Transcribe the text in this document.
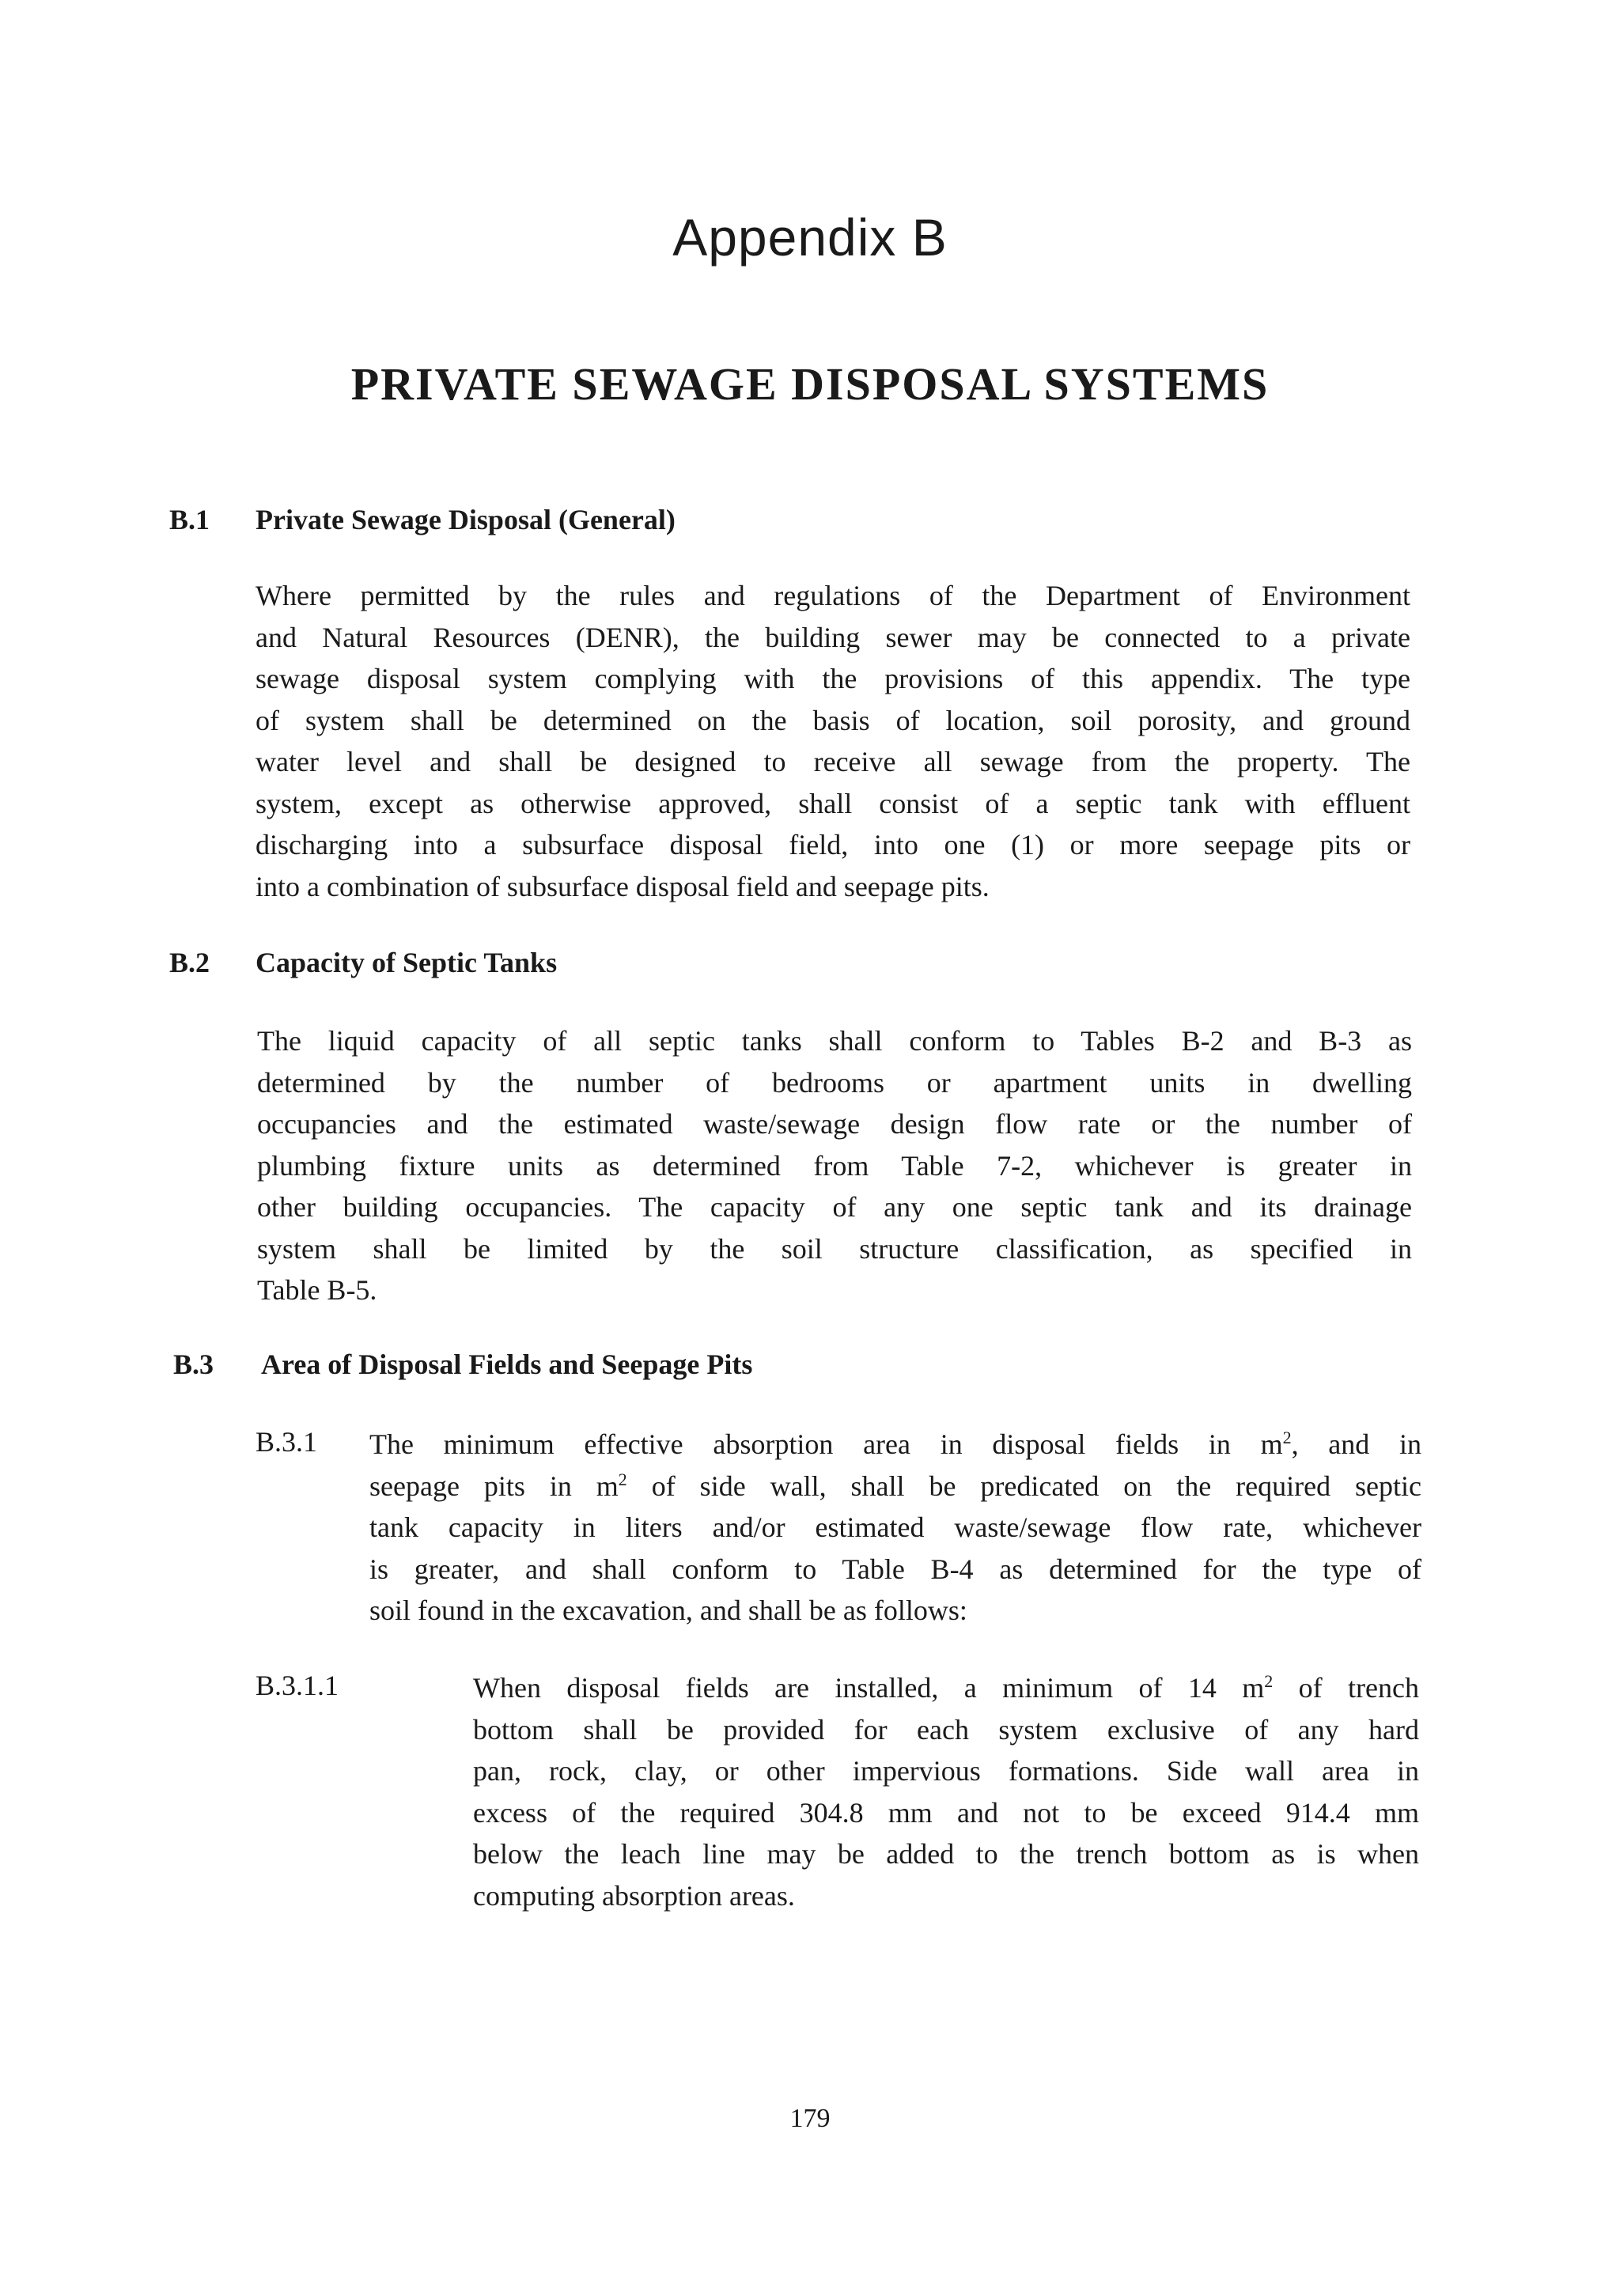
Appendix B
PRIVATE SEWAGE DISPOSAL SYSTEMS
B.1	Private Sewage Disposal (General)
Where permitted by the rules and regulations of the Department of Environment
and Natural Resources (DENR), the building sewer may be connected to a private
sewage disposal system complying with the provisions of this appendix. The type
of system shall be determined on the basis of location, soil porosity, and ground
water level and shall be designed to receive all sewage from the property. The
system, except as otherwise approved, shall consist of a septic tank with effluent
discharging into a subsurface disposal field, into one (1) or more seepage pits or
into a combination of subsurface disposal field and seepage pits.
B.2	Capacity of Septic Tanks
The liquid capacity of all septic tanks shall conform to Tables B-2 and B-3 as
determined by the number of bedrooms or apartment units in dwelling
occupancies and the estimated waste/sewage design flow rate or the number of
plumbing fixture units as determined from Table 7-2, whichever is greater in
other building occupancies. The capacity of any one septic tank and its drainage
system shall be limited by the soil structure classification, as specified in
Table B-5.
B.3	Area of Disposal Fields and Seepage Pits
B.3.1 The minimum effective absorption area in disposal fields in $m^2$, and in
seepage pits in $m^2$ of side wall, shall be predicated on the required septic
tank capacity in liters and/or estimated waste/sewage flow rate, whichever
is greater, and shall conform to Table B-4 as determined for the type of
soil found in the excavation, and shall be as follows:
B.3.1.1	When disposal fields are installed, a minimum of 14 $m^2$ of trench
bottom shall be provided for each system exclusive of any hard
pan, rock, clay, or other impervious formations. Side wall area in
excess of the required 304.8 mm and not to be exceed 914.4 mm
below the leach line may be added to the trench bottom as is when
computing absorption areas.
179
